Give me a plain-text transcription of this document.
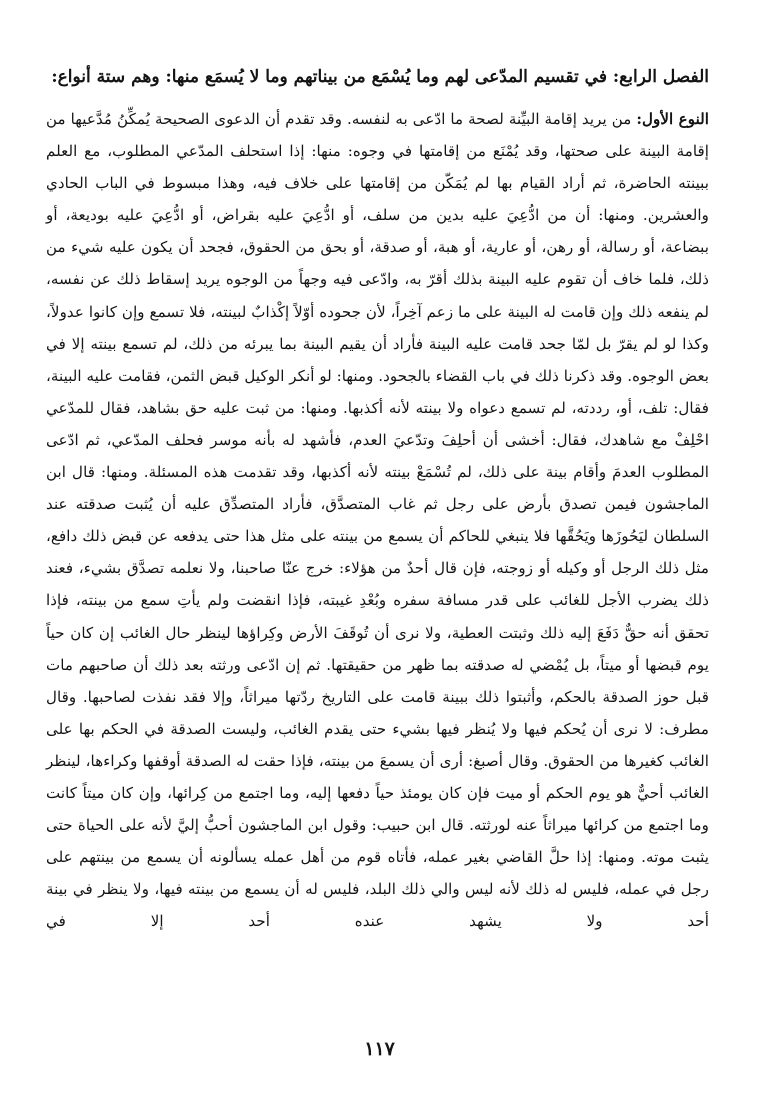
الفصل الرابع: في تقسيم المدّعى لهم وما يُسْمَع من بيناتهم وما لا يُسمَع منها: وهم ستة أنواع:

النوع الأول: من يريد إقامة البيِّنة لصحة ما ادّعى به لنفسه. وقد تقدم أن الدعوى الصحيحة يُمكِّنُ مُدَّعيها من إقامة البينة على صحتها، وقد يُمْنَع من إقامتها في وجوه: منها: إذا استحلف المدّعي المطلوب، مع العلم ببينته الحاضرة، ثم أراد القيام بها لم يُمَكّن من إقامتها على خلاف فيه، وهذا مبسوط في الباب الحادي والعشرين. ومنها: أن من ادُّعِيَ عليه بدين من سلف، أو ادُّعِيَ عليه بقراض، أو ادُّعِيَ عليه بوديعة، أو ببضاعة، أو رسالة، أو رهن، أو عارية، أو هبة، أو صدقة، أو بحق من الحقوق، فجحد أن يكون عليه شيء من ذلك، فلما خاف أن تقوم عليه البينة بذلك أقرّ به، وادّعى فيه وجهاً من الوجوه يريد إسقاط ذلك عن نفسه، لم ينفعه ذلك وإن قامت له البينة على ما زعم آخِراً، لأن جحوده أوّلاً إكْذابٌ لبينته، فلا تسمع وإن كانوا عدولاً، وكذا لو لم يقرّ بل لمّا جحد قامت عليه البينة فأراد أن يقيم البينة بما يبرئه من ذلك، لم تسمع بينته إلا في بعض الوجوه. وقد ذكرنا ذلك في باب القضاء بالجحود. ومنها: لو أنكر الوكيل قبض الثمن، فقامت عليه البينة، فقال: تلف، أو، رددته، لم تسمع دعواه ولا بينته لأنه أكذبها. ومنها: من ثبت عليه حق بشاهد، فقال للمدّعي احْلِفْ مع شاهدك، فقال: أخشى أن أحلِفَ وتدّعيَ العدم، فأشهد له بأنه موسر فحلف المدّعي، ثم ادّعى المطلوب العدمَ وأقام بينة على ذلك، لم تُسْمَعْ بينته لأنه أكذبها، وقد تقدمت هذه المسئلة. ومنها: قال ابن الماجشون فيمن تصدق بأرض على رجل ثم غاب المتصدَّق، فأراد المتصدِّق عليه أن يُثبت صدقته عند السلطان ليَحُوزَها ويَحُقَّها فلا ينبغي للحاكم أن يسمع من بينته على مثل هذا حتى يدفعه عن قبض ذلك دافع، مثل ذلك الرجل أو وكيله أو زوجته، فإن قال أحدٌ من هؤلاء: خرج عنّا صاحبنا، ولا نعلمه تصدَّق بشيء، فعند ذلك يضرب الأجل للغائب على قدر مسافة سفره وبُعْدِ غيبته، فإذا انقضت ولم يأتِ سمع من بينته، فإذا تحقق أنه حقٌّ دَفَعَ إليه ذلك وثبتت العطية، ولا نرى أن تُوقَفَ الأرض وكِراؤها لينظر حال الغائب إن كان حياً يوم قبضها أو ميتاً، بل يُمْضي له صدقته بما ظهر من حقيقتها. ثم إن ادّعى ورثته بعد ذلك أن صاحبهم مات قبل حوز الصدقة بالحكم، وأثبتوا ذلك ببينة قامت على التاريخ ردّتها ميراثاً، وإلا فقد نفذت لصاحبها. وقال مطرف: لا نرى أن يُحكم فيها ولا يُنظر فيها بشيء حتى يقدم الغائب، وليست الصدقة في الحكم بها على الغائب كغيرها من الحقوق. وقال أصبغ: أرى أن يسمعَ من بينته، فإذا حقت له الصدقة أوقفها وكراءها، لينظر الغائب أحيٌّ هو يوم الحكم أو ميت فإن كان يومئذ حياً دفعها إليه، وما اجتمع من كِرائها، وإن كان ميتاً كانت وما اجتمع من كرائها ميراثاً عنه لورثته. قال ابن حبيب: وقول ابن الماجشون أحبُّ إليَّ لأنه على الحياة حتى يثبت موته. ومنها: إذا حلَّ القاضي بغير عمله، فأتاه قوم من أهل عمله يسألونه أن يسمع من بينتهم على رجل في عمله، فليس له ذلك لأنه ليس والي ذلك البلد، فليس له أن يسمع من بينته فيها، ولا ينظر في بينة أحد ولا يشهد عنده أحد إلا في

١١٧
